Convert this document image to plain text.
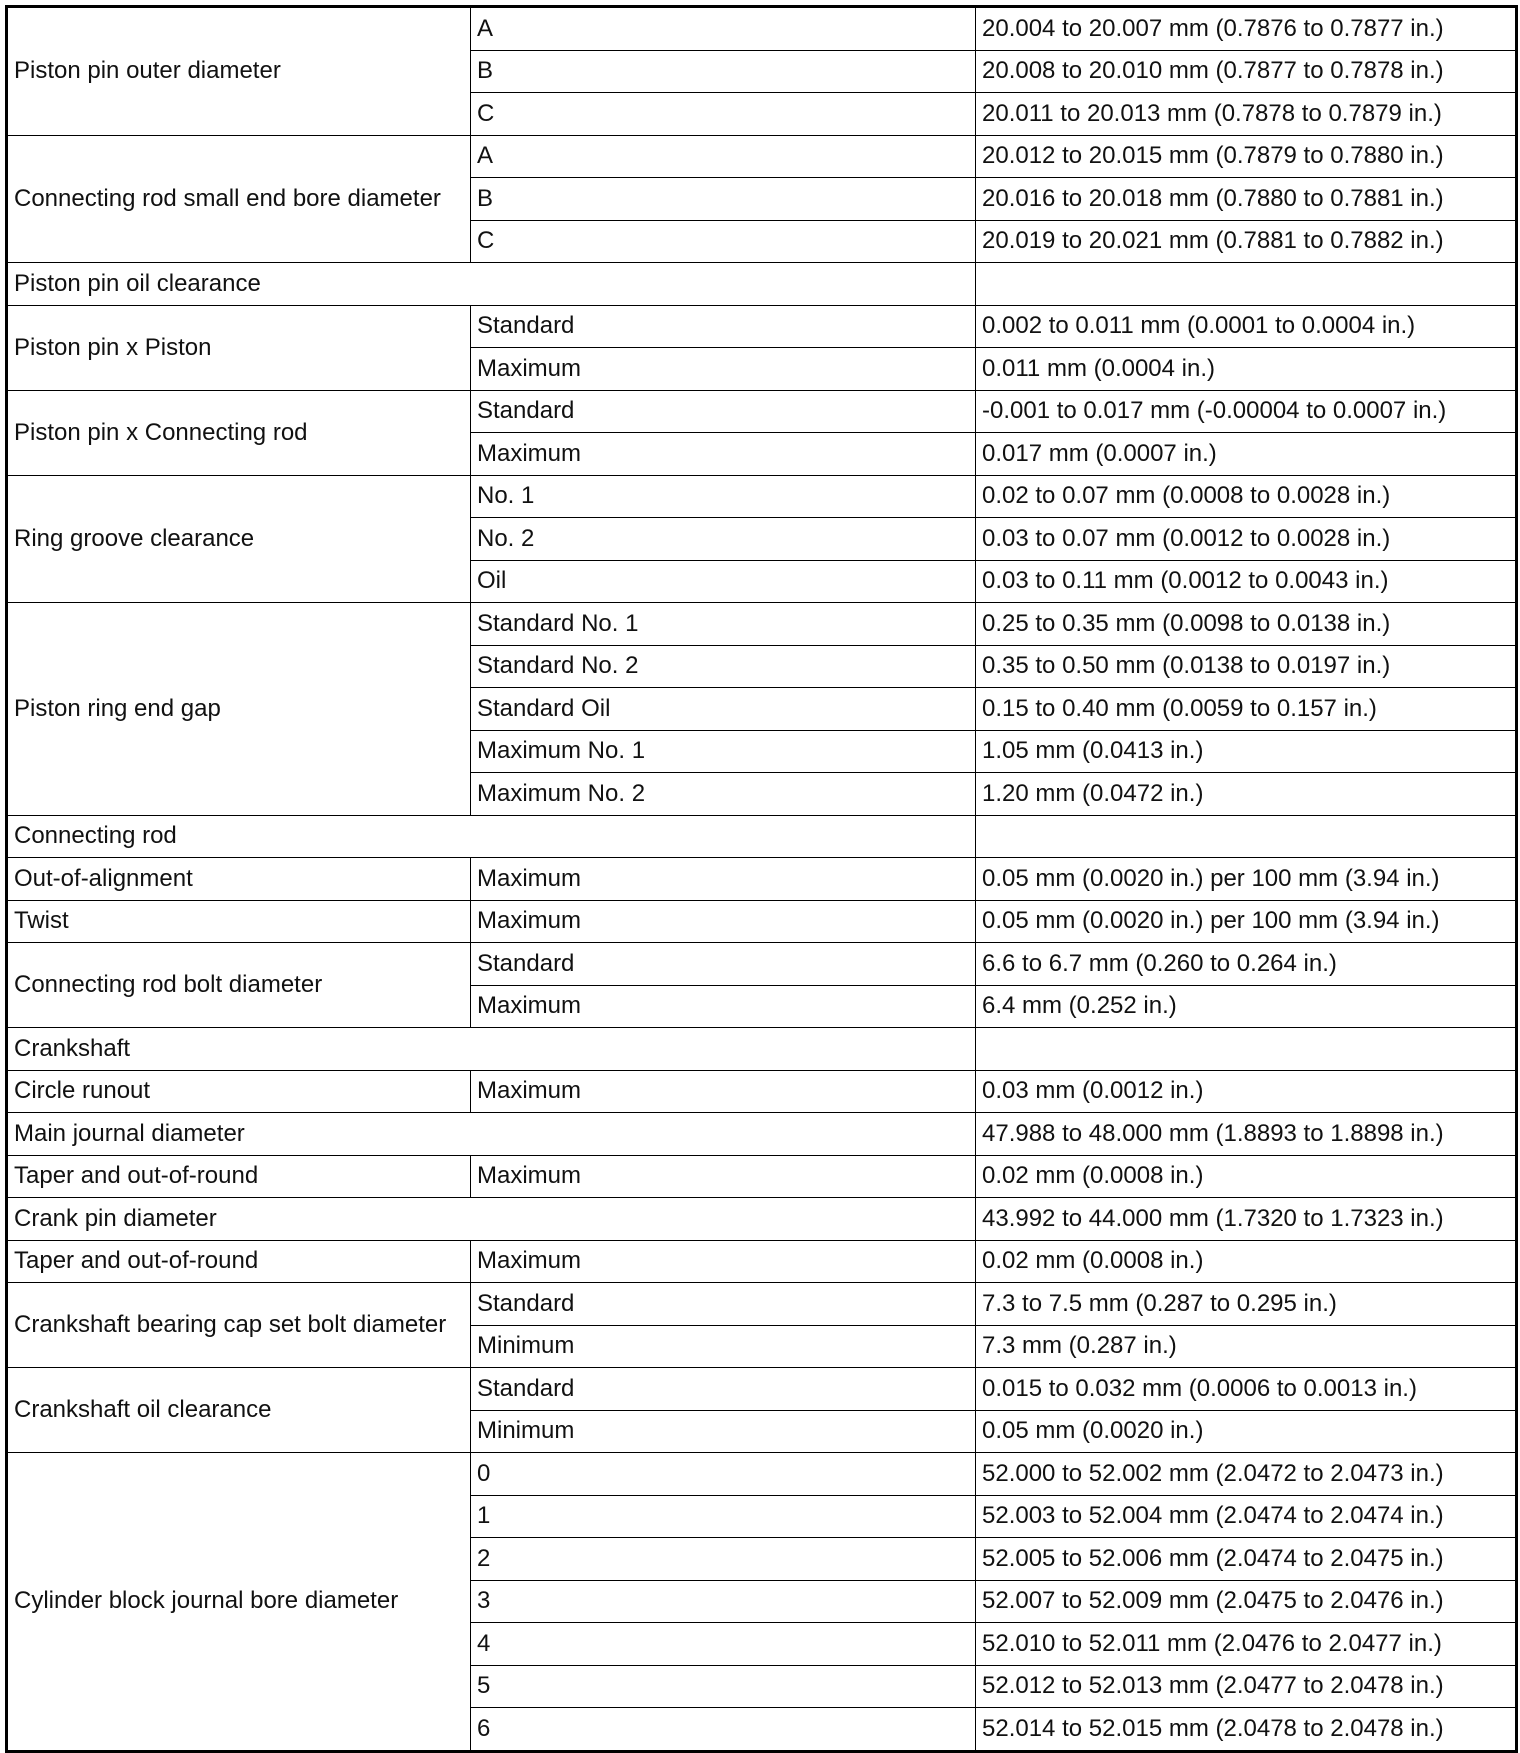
Piston pin outer diameter	A	20.004 to 20.007 mm (0.7876 to 0.7877 in.)
	B	20.008 to 20.010 mm (0.7877 to 0.7878 in.)
	C	20.011 to 20.013 mm (0.7878 to 0.7879 in.)
Connecting rod small end bore diameter	A	20.012 to 20.015 mm (0.7879 to 0.7880 in.)
	B	20.016 to 20.018 mm (0.7880 to 0.7881 in.)
	C	20.019 to 20.021 mm (0.7881 to 0.7882 in.)
Piston pin oil clearance		
Piston pin x Piston	Standard	0.002 to 0.011 mm (0.0001 to 0.0004 in.)
	Maximum	0.011 mm (0.0004 in.)
Piston pin x Connecting rod	Standard	-0.001 to 0.017 mm (-0.00004 to 0.0007 in.)
	Maximum	0.017 mm (0.0007 in.)
Ring groove clearance	No. 1	0.02 to 0.07 mm (0.0008 to 0.0028 in.)
	No. 2	0.03 to 0.07 mm (0.0012 to 0.0028 in.)
	Oil	0.03 to 0.11 mm (0.0012 to 0.0043 in.)
Piston ring end gap	Standard No. 1	0.25 to 0.35 mm (0.0098 to 0.0138 in.)
	Standard No. 2	0.35 to 0.50 mm (0.0138 to 0.0197 in.)
	Standard Oil	0.15 to 0.40 mm (0.0059 to 0.157 in.)
	Maximum No. 1	1.05 mm (0.0413 in.)
	Maximum No. 2	1.20 mm (0.0472 in.)
Connecting rod		
Out-of-alignment	Maximum	0.05 mm (0.0020 in.) per 100 mm (3.94 in.)
Twist	Maximum	0.05 mm (0.0020 in.) per 100 mm (3.94 in.)
Connecting rod bolt diameter	Standard	6.6 to 6.7 mm (0.260 to 0.264 in.)
	Maximum	6.4 mm (0.252 in.)
Crankshaft		
Circle runout	Maximum	0.03 mm (0.0012 in.)
Main journal diameter		47.988 to 48.000 mm (1.8893 to 1.8898 in.)
Taper and out-of-round	Maximum	0.02 mm (0.0008 in.)
Crank pin diameter		43.992 to 44.000 mm (1.7320 to 1.7323 in.)
Taper and out-of-round	Maximum	0.02 mm (0.0008 in.)
Crankshaft bearing cap set bolt diameter	Standard	7.3 to 7.5 mm (0.287 to 0.295 in.)
	Minimum	7.3 mm (0.287 in.)
Crankshaft oil clearance	Standard	0.015 to 0.032 mm (0.0006 to 0.0013 in.)
	Minimum	0.05 mm (0.0020 in.)
Cylinder block journal bore diameter	0	52.000 to 52.002 mm (2.0472 to 2.0473 in.)
	1	52.003 to 52.004 mm (2.0474 to 2.0474 in.)
	2	52.005 to 52.006 mm (2.0474 to 2.0475 in.)
	3	52.007 to 52.009 mm (2.0475 to 2.0476 in.)
	4	52.010 to 52.011 mm (2.0476 to 2.0477 in.)
	5	52.012 to 52.013 mm (2.0477 to 2.0478 in.)
	6	52.014 to 52.015 mm (2.0478 to 2.0478 in.)
